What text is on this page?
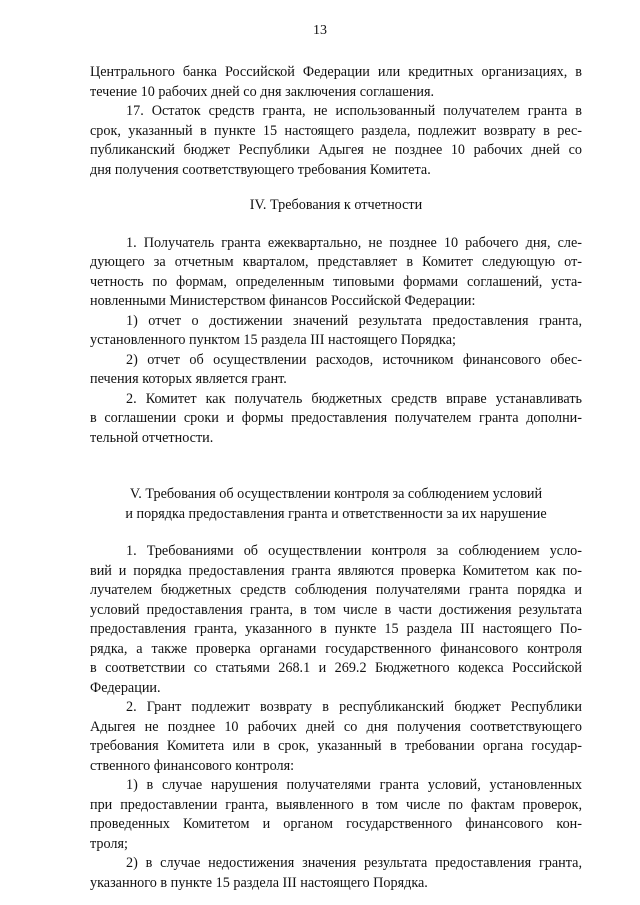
13
Центрального банка Российской Федерации или кредитных организациях, в
течение 10 рабочих дней со дня заключения соглашения.
17. Остаток средств гранта, не использованный получателем гранта в
срок, указанный в пункте 15 настоящего раздела, подлежит возврату в рес-
публиканский бюджет Республики Адыгея не позднее 10 рабочих дней со
дня получения соответствующего требования Комитета.
IV. Требования к отчетности
1. Получатель гранта ежеквартально, не позднее 10 рабочего дня, сле-
дующего за отчетным кварталом, представляет в Комитет следующую от-
четность по формам, определенным типовыми формами соглашений, уста-
новленными Министерством финансов Российской Федерации:
1) отчет о достижении значений результата предоставления гранта,
установленного пунктом 15 раздела III настоящего Порядка;
2) отчет об осуществлении расходов, источником финансового обес-
печения которых является грант.
2. Комитет как получатель бюджетных средств вправе устанавливать
в соглашении сроки и формы предоставления получателем гранта дополни-
тельной отчетности.
V. Требования об осуществлении контроля за соблюдением условий
и порядка предоставления гранта и ответственности за их нарушение
1. Требованиями об осуществлении контроля за соблюдением усло-
вий и порядка предоставления гранта являются проверка Комитетом как по-
лучателем бюджетных средств соблюдения получателями гранта порядка и
условий предоставления гранта, в том числе в части достижения результата
предоставления гранта, указанного в пункте 15 раздела III настоящего По-
рядка, а также проверка органами государственного финансового контроля
в соответствии со статьями 268.1 и 269.2 Бюджетного кодекса Российской
Федерации.
2. Грант подлежит возврату в республиканский бюджет Республики
Адыгея не позднее 10 рабочих дней со дня получения соответствующего
требования Комитета или в срок, указанный в требовании органа государ-
ственного финансового контроля:
1) в случае нарушения получателями гранта условий, установленных
при предоставлении гранта, выявленного в том числе по фактам проверок,
проведенных Комитетом и органом государственного финансового кон-
троля;
2) в случае недостижения значения результата предоставления гранта,
указанного в пункте 15 раздела III настоящего Порядка.
